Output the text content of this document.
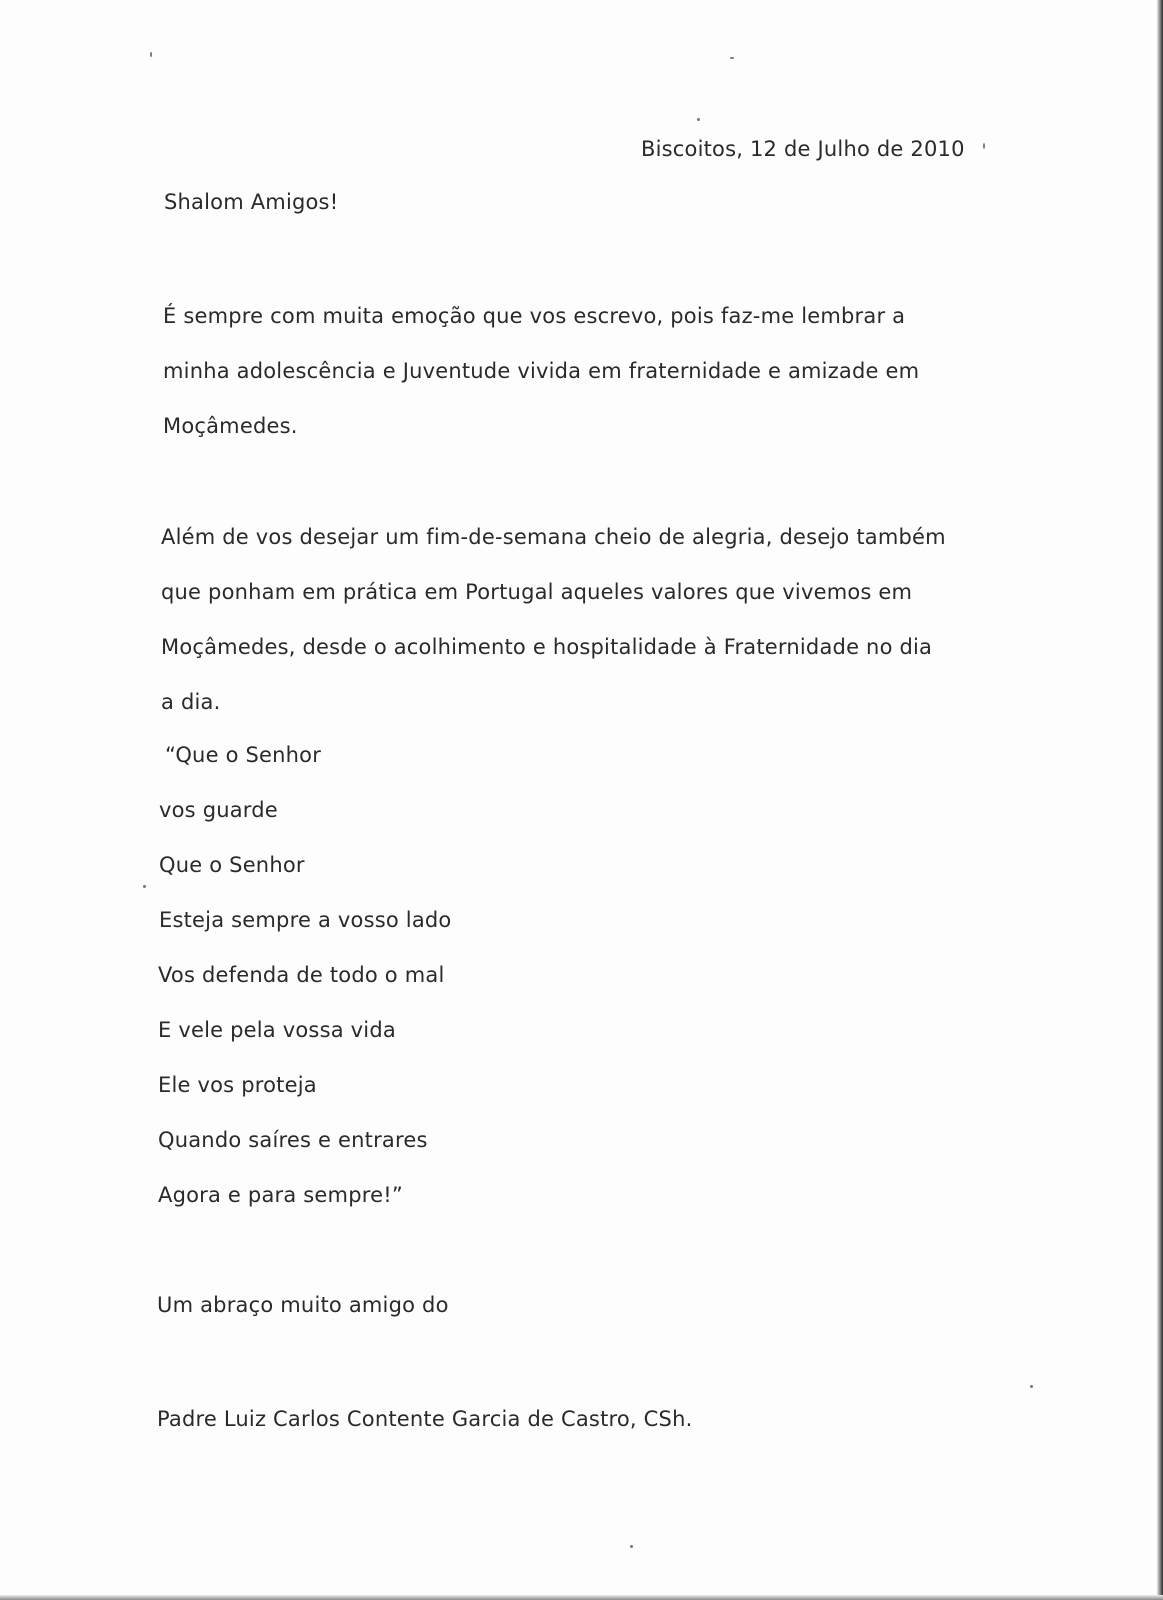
Biscoitos, 12 de Julho de 2010
Shalom Amigos!
É sempre com muita emoção que vos escrevo, pois faz-me lembrar a
minha adolescência e Juventude vivida em fraternidade e amizade em
Moçâmedes.
Além de vos desejar um fim-de-semana cheio de alegria, desejo também
que ponham em prática em Portugal aqueles valores que vivemos em
Moçâmedes, desde o acolhimento e hospitalidade à Fraternidade no dia
a dia.
“Que o Senhor
vos guarde
Que o Senhor
Esteja sempre a vosso lado
Vos defenda de todo o mal
E vele pela vossa vida
Ele vos proteja
Quando saíres e entrares
Agora e para sempre!”
Um abraço muito amigo do
Padre Luiz Carlos Contente Garcia de Castro, CSh.
